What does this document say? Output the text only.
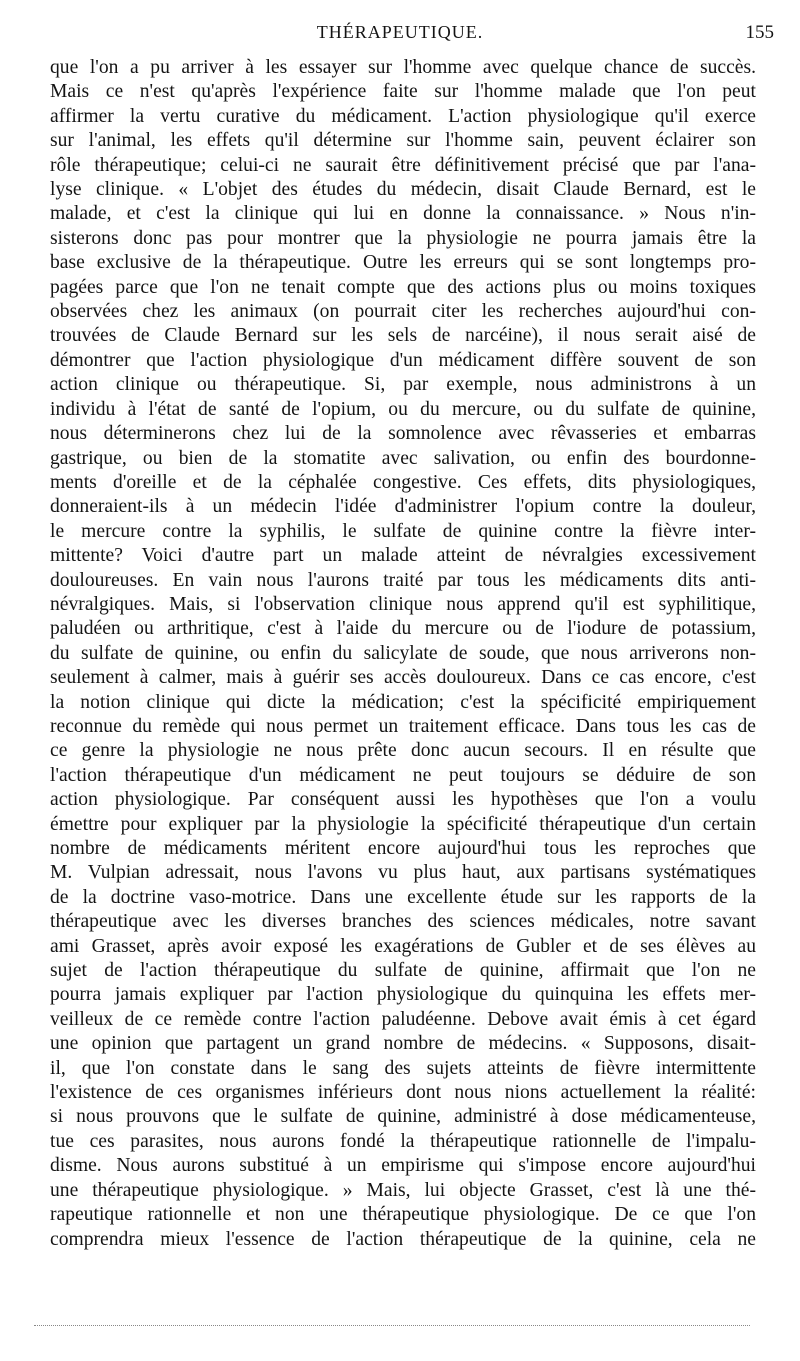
THÉRAPEUTIQUE.	155
que l'on a pu arriver à les essayer sur l'homme avec quelque chance de succès.
Mais ce n'est qu'après l'expérience faite sur l'homme malade que l'on peut
affirmer la vertu curative du médicament. L'action physiologique qu'il exerce
sur l'animal, les effets qu'il détermine sur l'homme sain, peuvent éclairer son
rôle thérapeutique; celui-ci ne saurait être définitivement précisé que par l'ana-
lyse clinique. « L'objet des études du médecin, disait Claude Bernard, est le
malade, et c'est la clinique qui lui en donne la connaissance. » Nous n'in-
sisterons donc pas pour montrer que la physiologie ne pourra jamais être la
base exclusive de la thérapeutique. Outre les erreurs qui se sont longtemps pro-
pagées parce que l'on ne tenait compte que des actions plus ou moins toxiques
observées chez les animaux (on pourrait citer les recherches aujourd'hui con-
trouvées de Claude Bernard sur les sels de narcéine), il nous serait aisé de
démontrer que l'action physiologique d'un médicament diffère souvent de son
action clinique ou thérapeutique. Si, par exemple, nous administrons à un
individu à l'état de santé de l'opium, ou du mercure, ou du sulfate de quinine,
nous déterminerons chez lui de la somnolence avec rêvasseries et embarras
gastrique, ou bien de la stomatite avec salivation, ou enfin des bourdonne-
ments d'oreille et de la céphalée congestive. Ces effets, dits physiologiques,
donneraient-ils à un médecin l'idée d'administrer l'opium contre la douleur,
le mercure contre la syphilis, le sulfate de quinine contre la fièvre inter-
mittente? Voici d'autre part un malade atteint de névralgies excessivement
douloureuses. En vain nous l'aurons traité par tous les médicaments dits anti-
névralgiques. Mais, si l'observation clinique nous apprend qu'il est syphilitique,
paludéen ou arthritique, c'est à l'aide du mercure ou de l'iodure de potassium,
du sulfate de quinine, ou enfin du salicylate de soude, que nous arriverons non-
seulement à calmer, mais à guérir ses accès douloureux. Dans ce cas encore, c'est
la notion clinique qui dicte la médication; c'est la spécificité empiriquement
reconnue du remède qui nous permet un traitement efficace. Dans tous les cas de
ce genre la physiologie ne nous prête donc aucun secours. Il en résulte que
l'action thérapeutique d'un médicament ne peut toujours se déduire de son
action physiologique. Par conséquent aussi les hypothèses que l'on a voulu
émettre pour expliquer par la physiologie la spécificité thérapeutique d'un certain
nombre de médicaments méritent encore aujourd'hui tous les reproches que
M. Vulpian adressait, nous l'avons vu plus haut, aux partisans systématiques
de la doctrine vaso-motrice. Dans une excellente étude sur les rapports de la
thérapeutique avec les diverses branches des sciences médicales, notre savant
ami Grasset, après avoir exposé les exagérations de Gubler et de ses élèves au
sujet de l'action thérapeutique du sulfate de quinine, affirmait que l'on ne
pourra jamais expliquer par l'action physiologique du quinquina les effets mer-
veilleux de ce remède contre l'action paludéenne. Debove avait émis à cet égard
une opinion que partagent un grand nombre de médecins. « Supposons, disait-
il, que l'on constate dans le sang des sujets atteints de fièvre intermittente
l'existence de ces organismes inférieurs dont nous nions actuellement la réalité:
si nous prouvons que le sulfate de quinine, administré à dose médicamenteuse,
tue ces parasites, nous aurons fondé la thérapeutique rationnelle de l'impalu-
disme. Nous aurons substitué à un empirisme qui s'impose encore aujourd'hui
une thérapeutique physiologique. » Mais, lui objecte Grasset, c'est là une thé-
rapeutique rationnelle et non une thérapeutique physiologique. De ce que l'on
comprendra mieux l'essence de l'action thérapeutique de la quinine, cela ne
